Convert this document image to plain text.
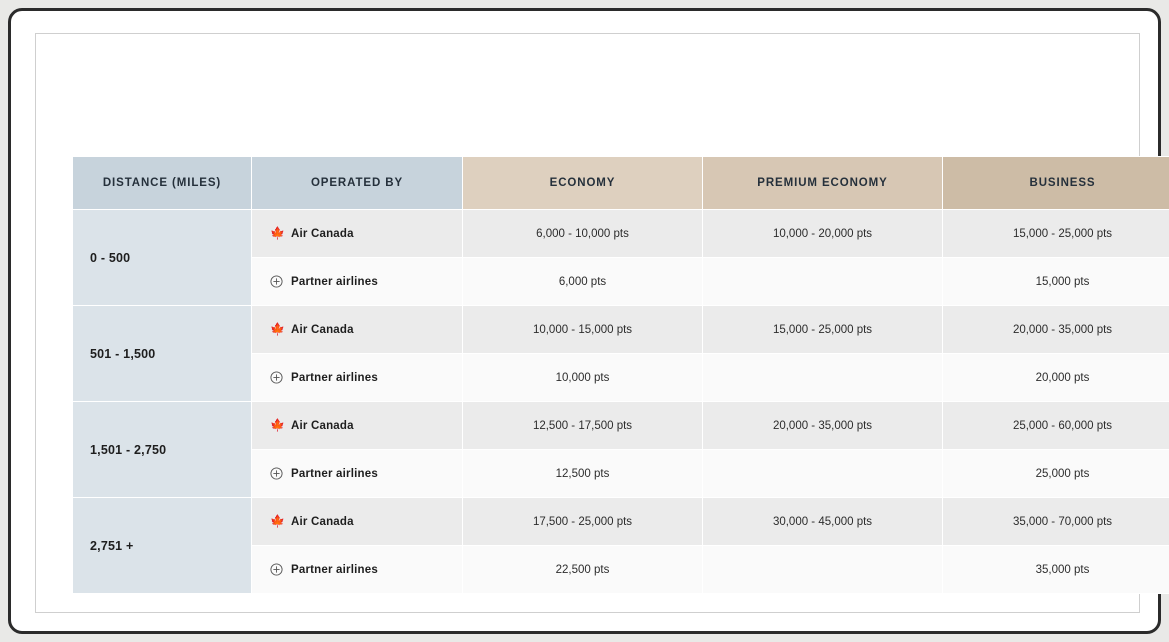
DISTANCE (MILES)	OPERATED BY	ECONOMY	PREMIUM ECONOMY	BUSINESS
0 - 500	🍁 Air Canada	6,000 - 10,000 pts	10,000 - 20,000 pts	15,000 - 25,000 pts

	Partner airlines	6,000 pts		15,000 pts
501 - 1,500	🍁 Air Canada	10,000 - 15,000 pts	15,000 - 25,000 pts	20,000 - 35,000 pts

	Partner airlines	10,000 pts		20,000 pts
1,501 - 2,750	🍁 Air Canada	12,500 - 17,500 pts	20,000 - 35,000 pts	25,000 - 60,000 pts

	Partner airlines	12,500 pts		25,000 pts
2,751 +	🍁 Air Canada	17,500 - 25,000 pts	30,000 - 45,000 pts	35,000 - 70,000 pts

	Partner airlines	22,500 pts		35,000 pts
